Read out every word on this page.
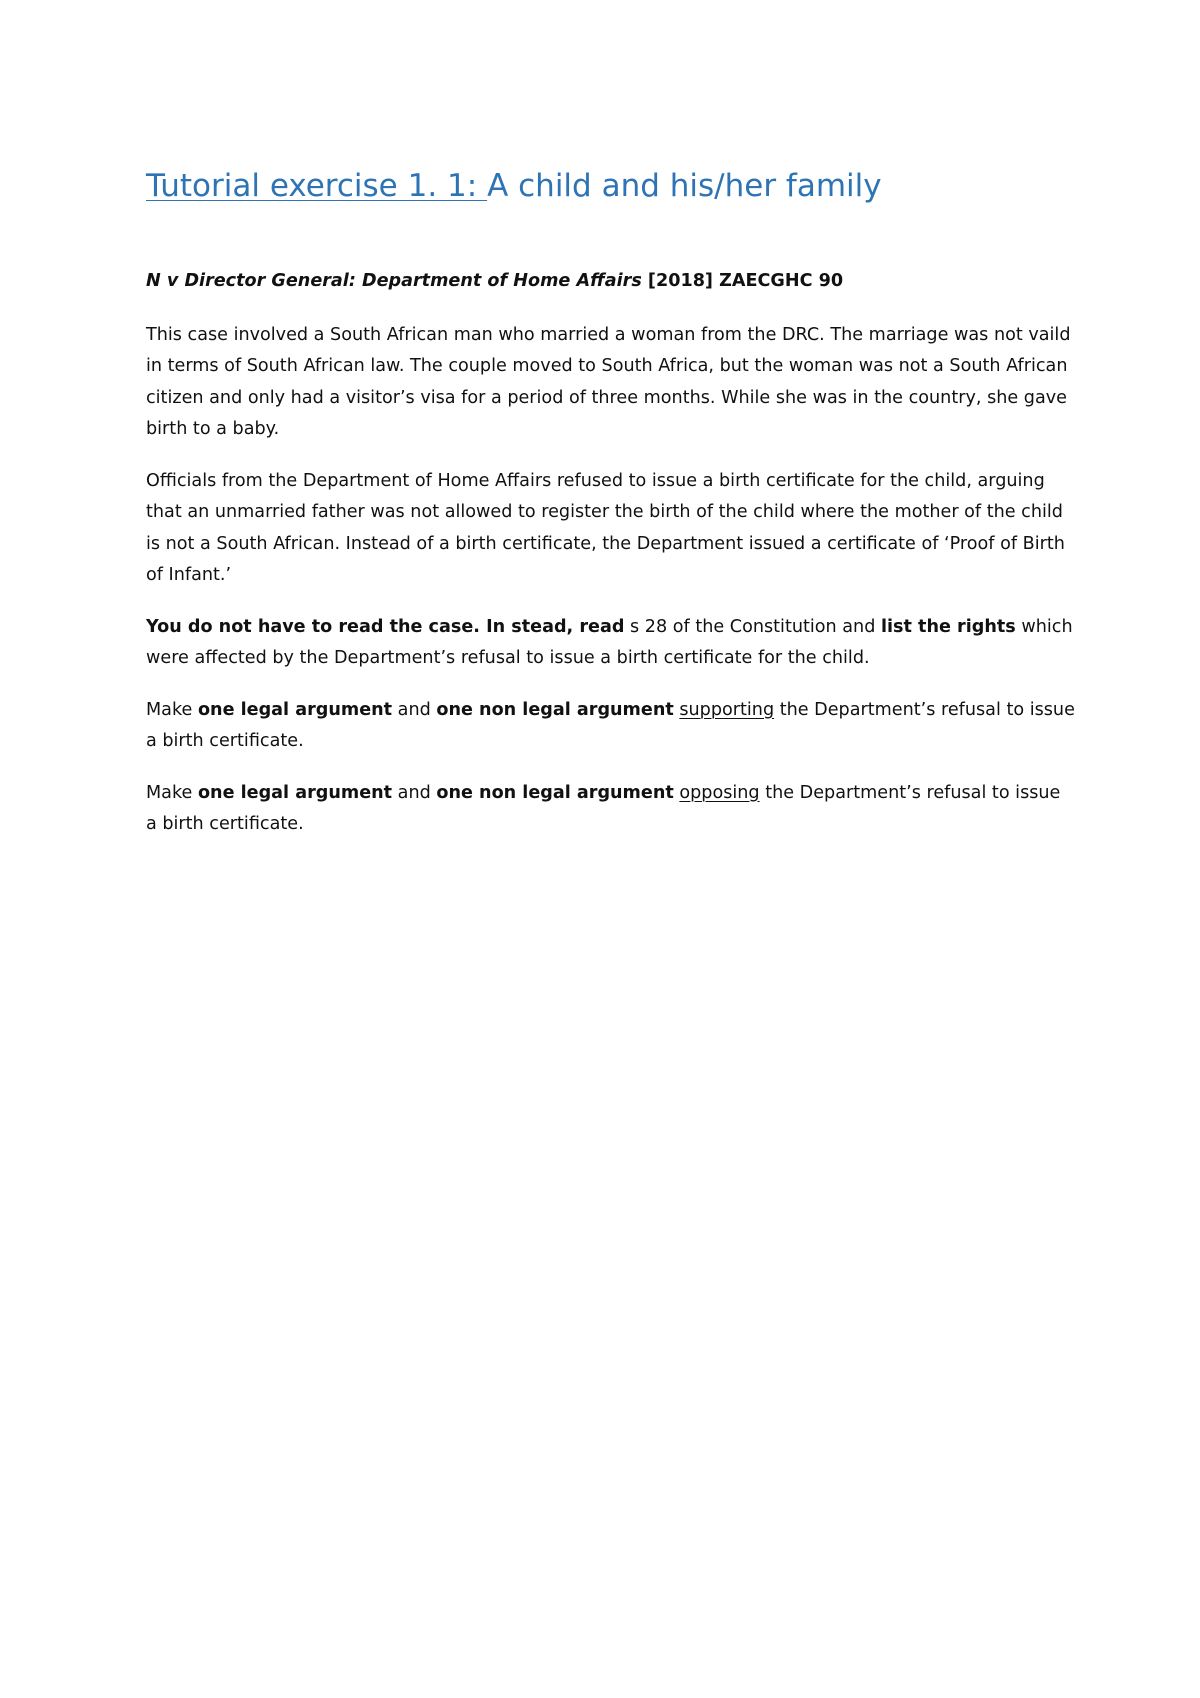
Tutorial exercise 1. 1: A child and his/her family

N v Director General: Department of Home Affairs [2018] ZAECGHC 90

This case involved a South African man who married a woman from the DRC. The marriage was not vaild in terms of South African law. The couple moved to South Africa, but the woman was not a South African citizen and only had a visitor’s visa for a period of three months. While she was in the country, she gave birth to a baby.

Officials from the Department of Home Affairs refused to issue a birth certificate for the child, arguing that an unmarried father was not allowed to register the birth of the child where the mother of the child is not a South African. Instead of a birth certificate, the Department issued a certificate of ‘Proof of Birth of Infant.’

You do not have to read the case. In stead, read s 28 of the Constitution and list the rights which were affected by the Department’s refusal to issue a birth certificate for the child.

Make one legal argument and one non legal argument supporting the Department’s refusal to issue a birth certificate.

Make one legal argument and one non legal argument opposing the Department’s refusal to issue a birth certificate.
